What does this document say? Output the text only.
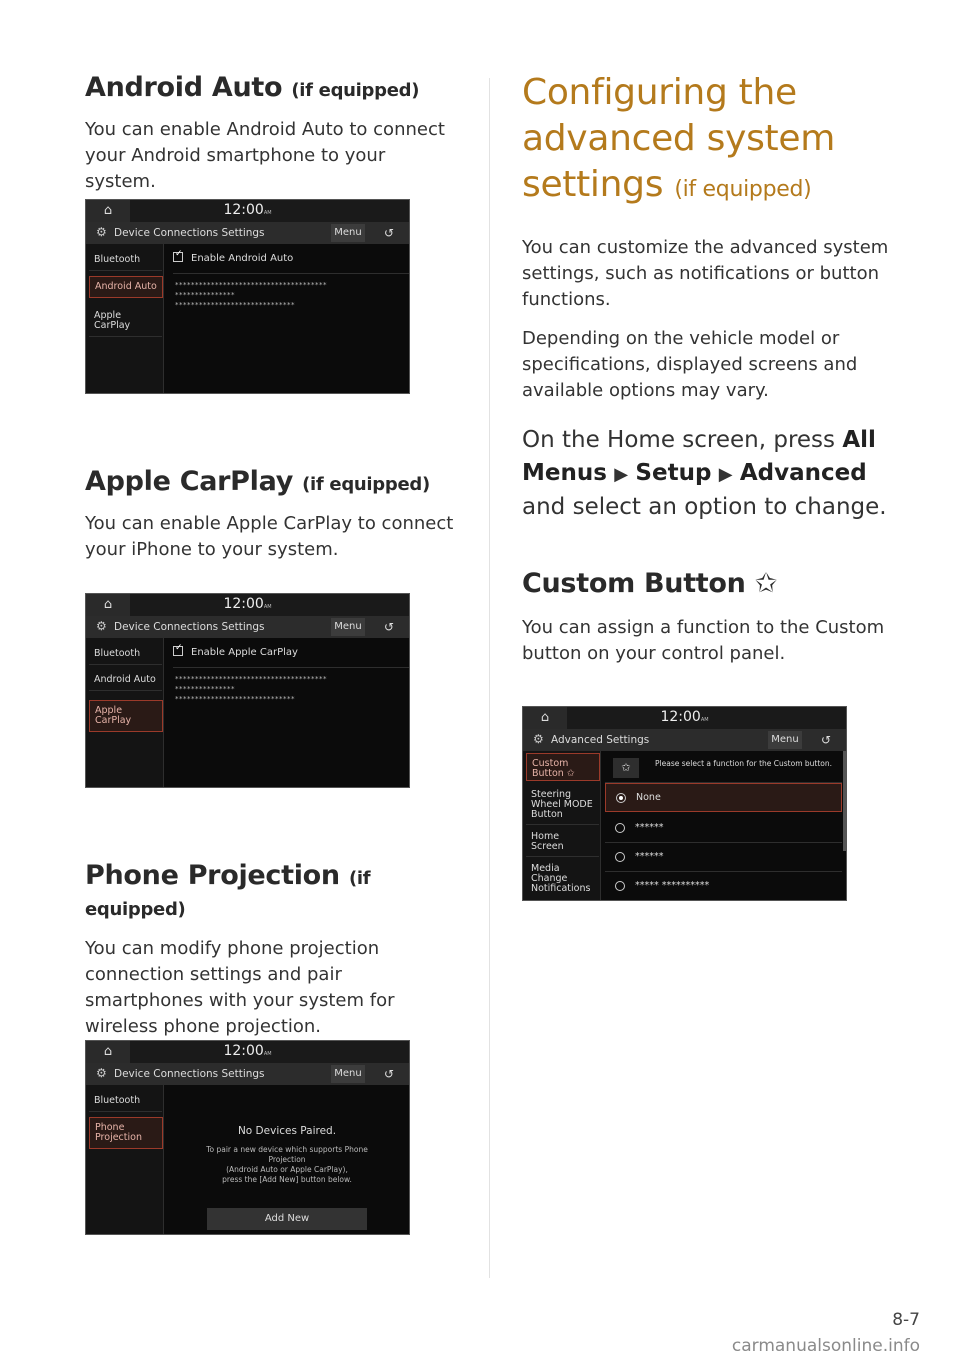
Android Auto (if equipped)
You can enable Android Auto to connect your Android smartphone to your system.
⌂	12:00AM
⚙ Device Connections Settings	Menu	↺
Bluetooth
Android Auto
Apple CarPlay
✓Enable Android Auto
**************************************
***************
******************************
Apple CarPlay (if equipped)
You can enable Apple CarPlay to connect your iPhone to your system.
⌂	12:00AM
⚙ Device Connections Settings	Menu	↺
Bluetooth
Android Auto
Apple CarPlay
✓Enable Apple CarPlay
**************************************
***************
******************************
Phone Projection (if equipped)
You can modify phone projection connection settings and pair smartphones with your system for wireless phone projection.
⌂	12:00AM
⚙ Device Connections Settings	Menu	↺
Bluetooth
Phone Projection
No Devices Paired.
To pair a new device which supports Phone
Projection
(Android Auto or Apple CarPlay),
press the [Add New] button below.
Add New
Configuring the
advanced system
settings (if equipped)
You can customize the advanced system settings, such as notifications or button functions.
Depending on the vehicle model or specifications, displayed screens and available options may vary.
On the Home screen, press All Menus ▶ Setup ▶ Advanced and select an option to change.
Custom Button ✩
You can assign a function to the Custom button on your control panel.
⌂	12:00AM
⚙ Advanced Settings	Menu	↺
Custom Button ✩
Steering Wheel MODE Button
Home Screen
Media Change Notifications
✩	Please select a function for the Custom button.
None
******
******
***** **********
8-7
carmanualsonline.info
